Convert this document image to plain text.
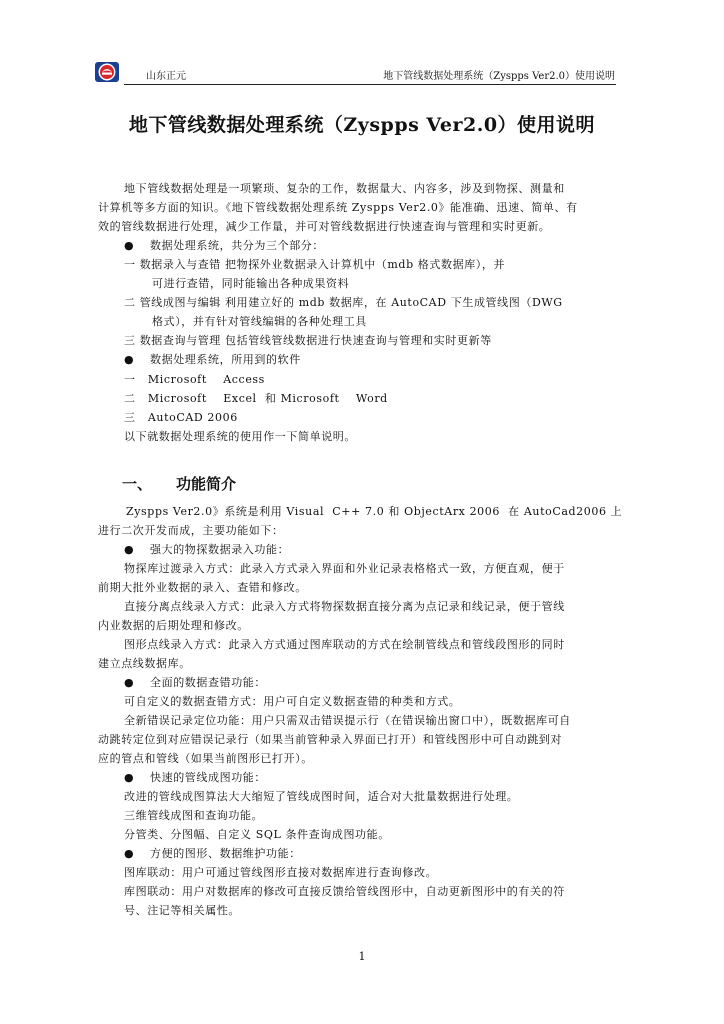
山东正元	地下管线数据处理系统（Zyspps Ver2.0）使用说明
地下管线数据处理系统（Zyspps Ver2.0）使用说明
地下管线数据处理是一项繁琐、复杂的工作，数据量大、内容多，涉及到物探、测量和
计算机等多方面的知识。《地下管线数据处理系统 Zyspps Ver2.0》能准确、迅速、简单、有
效的管线数据进行处理，减少工作量，并可对管线数据进行快速查询与管理和实时更新。
● 数据处理系统，共分为三个部分：
一 数据录入与查错 把物探外业数据录入计算机中（mdb 格式数据库），并
可进行查错，同时能输出各种成果资料
二 管线成图与编辑 利用建立好的 mdb 数据库，在 AutoCAD 下生成管线图（DWG
格式），并有针对管线编辑的各种处理工具
三 数据查询与管理 包括管线管线数据进行快速查询与管理和实时更新等
● 数据处理系统，所用到的软件
一   Microsoft    Access
二   Microsoft    Excel  和 Microsoft    Word
三   AutoCAD 2006
以下就数据处理系统的使用作一下简单说明。
一、 功能简介
Zyspps Ver2.0》系统是利用 Visual  C++ 7.0 和 ObjectArx 2006  在 AutoCad2006 上
进行二次开发而成，主要功能如下：
● 强大的物探数据录入功能：
物探库过渡录入方式：此录入方式录入界面和外业记录表格格式一致，方便直观，便于
前期大批外业数据的录入、查错和修改。
直接分离点线录入方式：此录入方式将物探数据直接分离为点记录和线记录，便于管线
内业数据的后期处理和修改。
图形点线录入方式：此录入方式通过图库联动的方式在绘制管线点和管线段图形的同时
建立点线数据库。
● 全面的数据查错功能：
可自定义的数据查错方式：用户可自定义数据查错的种类和方式。
全新错误记录定位功能：用户只需双击错误提示行（在错误输出窗口中），既数据库可自
动跳转定位到对应错误记录行（如果当前管种录入界面已打开）和管线图形中可自动跳到对
应的管点和管线（如果当前图形已打开）。
● 快速的管线成图功能：
改进的管线成图算法大大缩短了管线成图时间，适合对大批量数据进行处理。
三维管线成图和查询功能。
分管类、分图幅、自定义 SQL 条件查询成图功能。
● 方便的图形、数据维护功能：
图库联动：用户可通过管线图形直接对数据库进行查询修改。
库图联动：用户对数据库的修改可直接反馈给管线图形中，自动更新图形中的有关的符
号、注记等相关属性。
1
